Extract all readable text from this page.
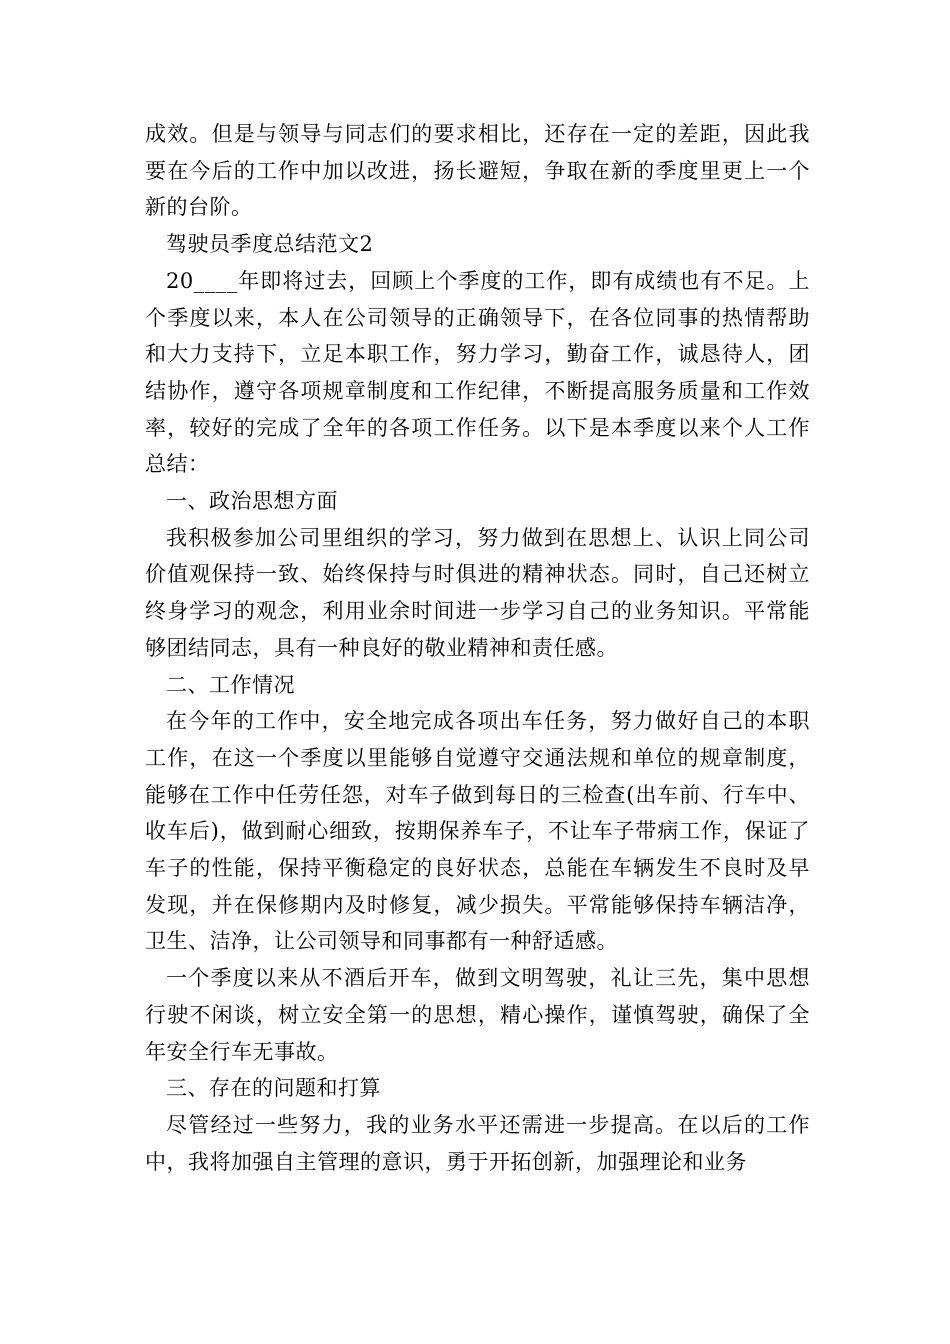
成效。但是与领导与同志们的要求相比，还存在一定的差距，因此我要在今后的工作中加以改进，扬长避短，争取在新的季度里更上一个新的台阶。

驾驶员季度总结范文2

20____年即将过去，回顾上个季度的工作，即有成绩也有不足。上个季度以来，本人在公司领导的正确领导下，在各位同事的热情帮助和大力支持下，立足本职工作，努力学习，勤奋工作，诚恳待人，团结协作，遵守各项规章制度和工作纪律，不断提高服务质量和工作效率，较好的完成了全年的各项工作任务。以下是本季度以来个人工作总结：

一、政治思想方面

我积极参加公司里组织的学习，努力做到在思想上、认识上同公司价值观保持一致、始终保持与时俱进的精神状态。同时，自己还树立终身学习的观念，利用业余时间进一步学习自己的业务知识。平常能够团结同志，具有一种良好的敬业精神和责任感。

二、工作情况

在今年的工作中，安全地完成各项出车任务，努力做好自己的本职工作，在这一个季度以里能够自觉遵守交通法规和单位的规章制度，能够在工作中任劳任怨，对车子做到每日的三检查(出车前、行车中、收车后)，做到耐心细致，按期保养车子，不让车子带病工作，保证了车子的性能，保持平衡稳定的良好状态，总能在车辆发生不良时及早发现，并在保修期内及时修复，减少损失。平常能够保持车辆洁净，卫生、洁净，让公司领导和同事都有一种舒适感。

一个季度以来从不酒后开车，做到文明驾驶，礼让三先，集中思想行驶不闲谈，树立安全第一的思想，精心操作，谨慎驾驶，确保了全年安全行车无事故。

三、存在的问题和打算

尽管经过一些努力，我的业务水平还需进一步提高。在以后的工作中，我将加强自主管理的意识，勇于开拓创新，加强理论和业务
